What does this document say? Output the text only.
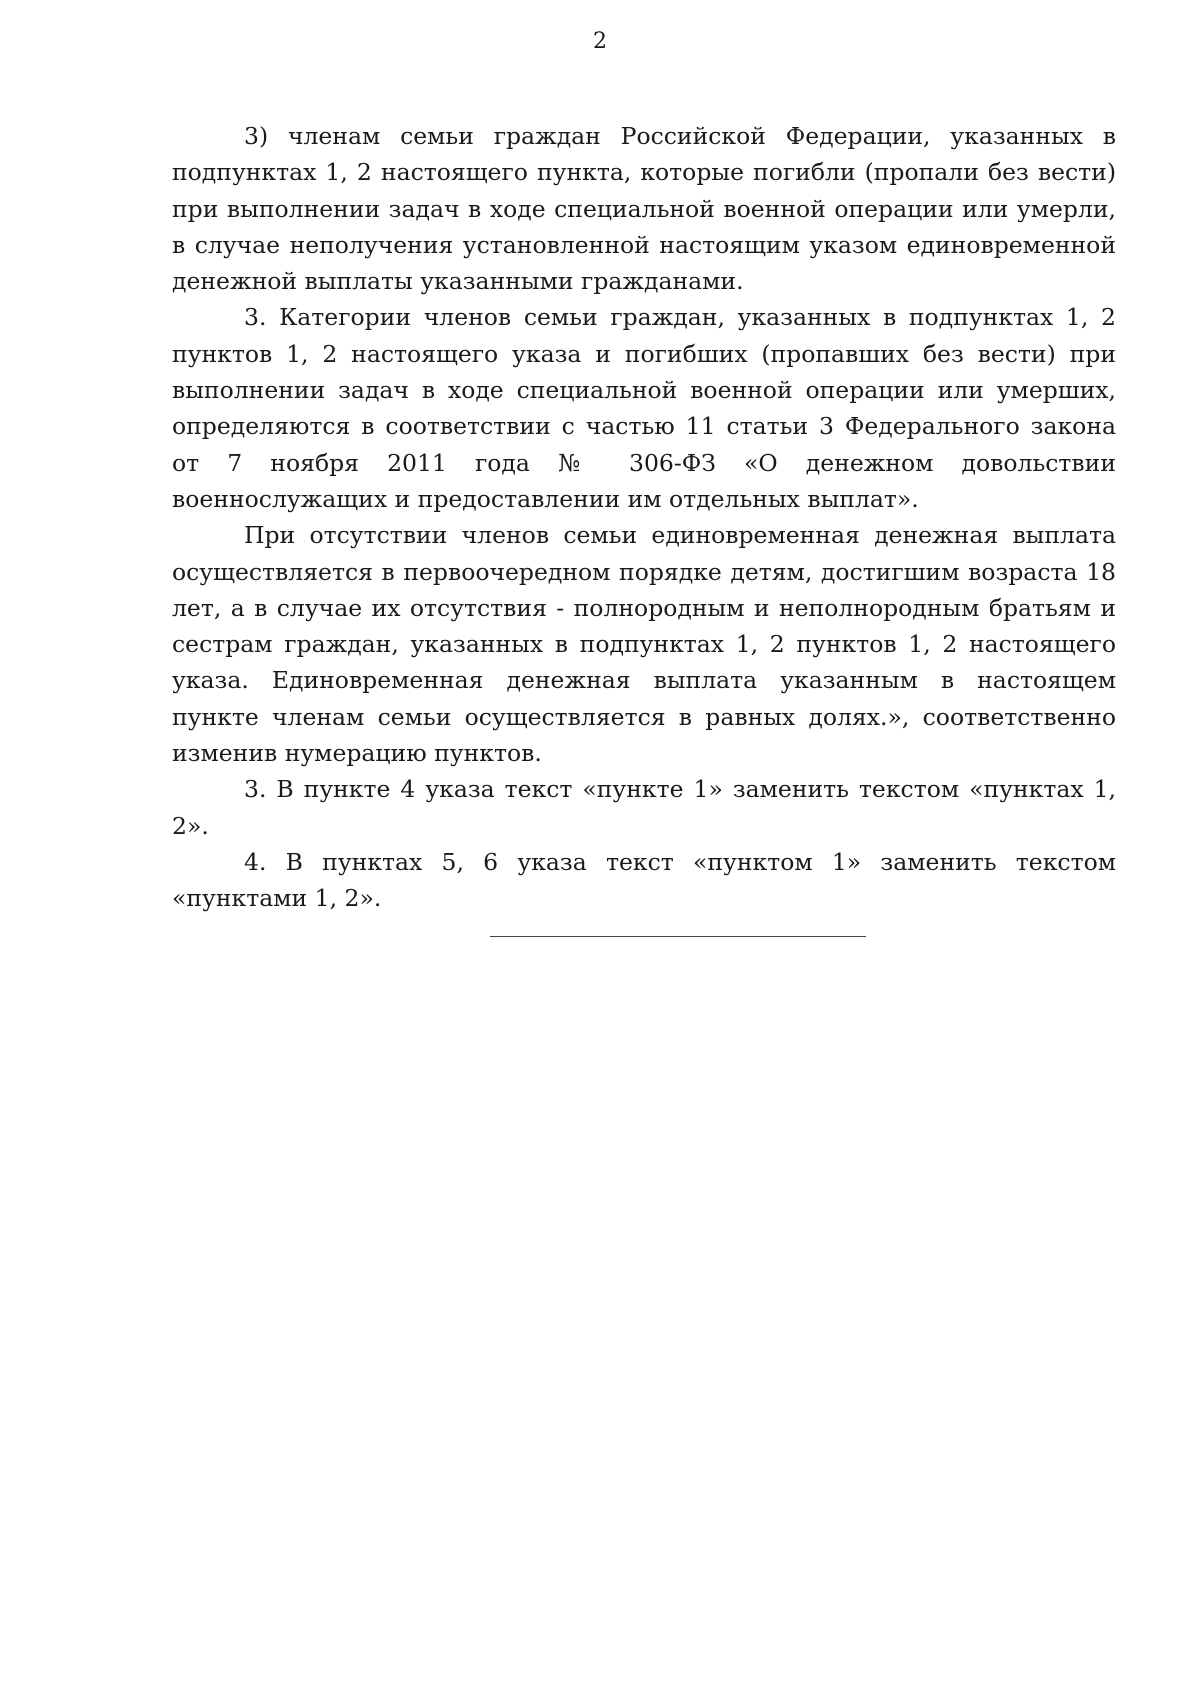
2

3) членам семьи граждан Российской Федерации, указанных в подпунктах 1, 2 настоящего пункта, которые погибли (пропали без вести) при выполнении задач в ходе специальной военной операции или умерли, в случае неполучения установленной настоящим указом единовременной денежной выплаты указанными гражданами.

3. Категории членов семьи граждан, указанных в подпунктах 1, 2 пунктов 1, 2 настоящего указа и погибших (пропавших без вести) при выполнении задач в ходе специальной военной операции или умерших, определяются в соответствии с частью 11 статьи 3 Федерального закона от 7 ноября 2011 года № 306-ФЗ «О денежном довольствии военнослужащих и предоставлении им отдельных выплат».

При отсутствии членов семьи единовременная денежная выплата осуществляется в первоочередном порядке детям, достигшим возраста 18 лет, а в случае их отсутствия - полнородным и неполнородным братьям и сестрам граждан, указанных в подпунктах 1, 2 пунктов 1, 2 настоящего указа. Единовременная денежная выплата указанным в настоящем пункте членам семьи осуществляется в равных долях.», соответственно изменив нумерацию пунктов.

3. В пункте 4 указа текст «пункте 1» заменить текстом «пунктах 1, 2».

4. В пунктах 5, 6 указа текст «пунктом 1» заменить текстом «пунктами 1, 2».
